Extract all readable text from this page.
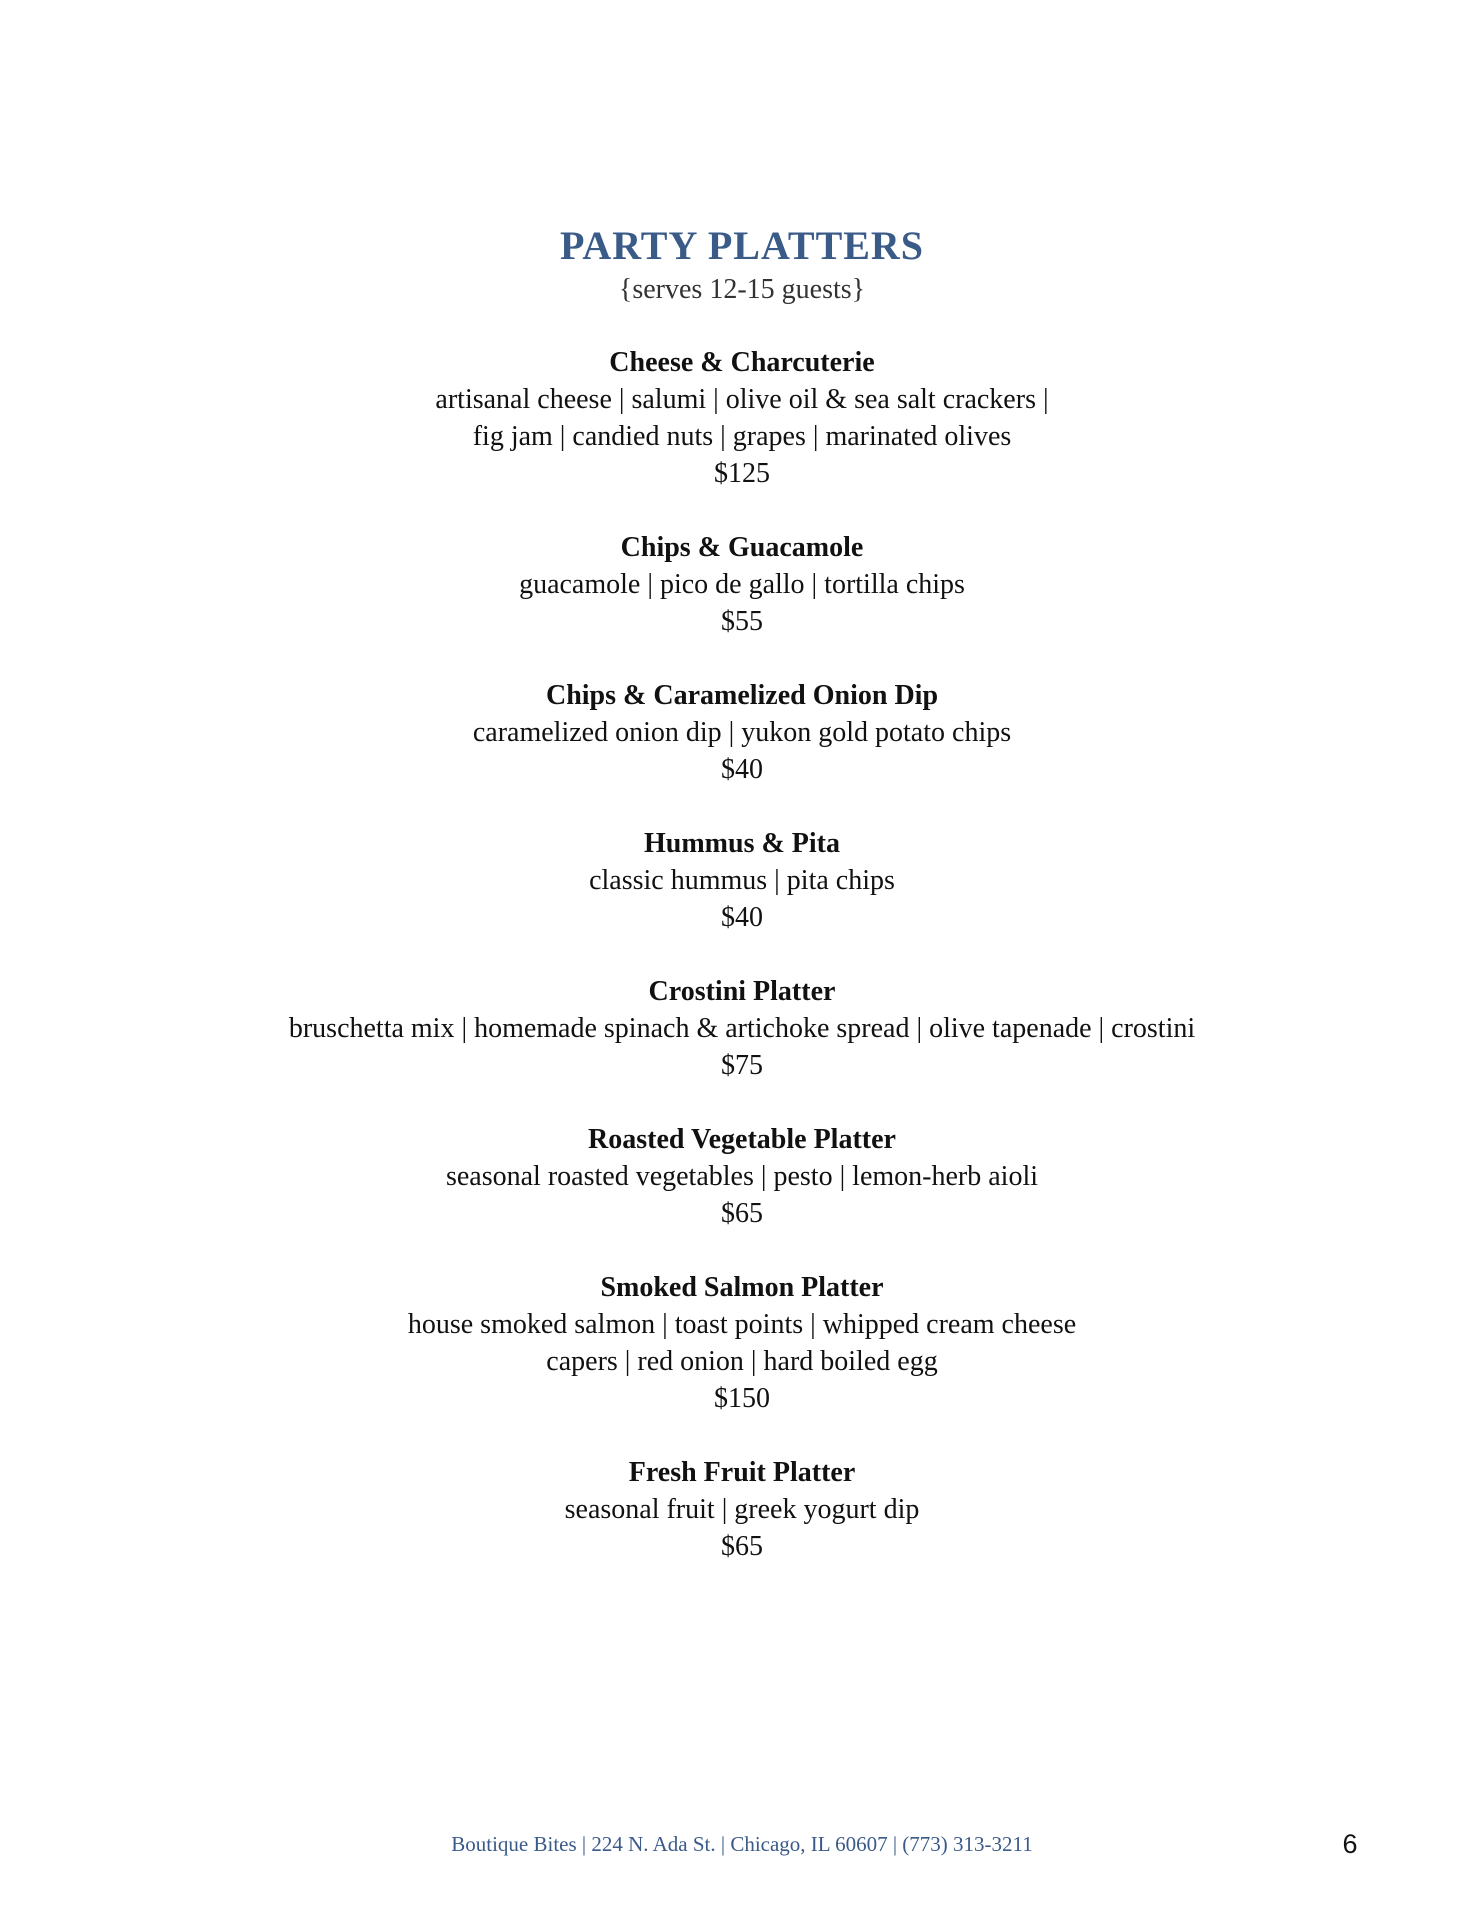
PARTY PLATTERS
{serves 12-15 guests}
Cheese & Charcuterie
artisanal cheese | salumi | olive oil & sea salt crackers |
fig jam | candied nuts | grapes | marinated olives
$125
Chips & Guacamole
guacamole | pico de gallo | tortilla chips
$55
Chips & Caramelized Onion Dip
caramelized onion dip | yukon gold potato chips
$40
Hummus & Pita
classic hummus | pita chips
$40
Crostini Platter
bruschetta mix | homemade spinach & artichoke spread | olive tapenade | crostini
$75
Roasted Vegetable Platter
seasonal roasted vegetables | pesto | lemon-herb aioli
$65
Smoked Salmon Platter
house smoked salmon | toast points | whipped cream cheese
capers | red onion | hard boiled egg
$150
Fresh Fruit Platter
seasonal fruit | greek yogurt dip
$65
Boutique Bites | 224 N. Ada St. | Chicago, IL 60607 | (773) 313-3211	6
